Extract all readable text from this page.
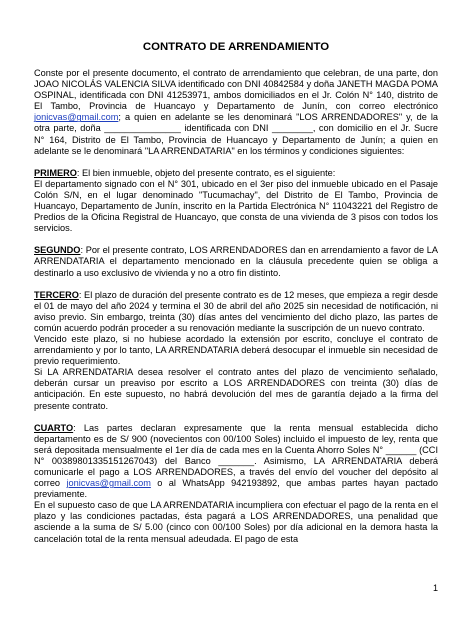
CONTRATO DE ARRENDAMIENTO

Conste por el presente documento, el contrato de arrendamiento que celebran, de una parte, don JOAO NICOLÁS VALENCIA SILVA identificado con DNI 40842584 y doña JANETH MAGDA POMA OSPINAL, identificada con DNI 41253971, ambos domiciliados en el Jr. Colón N° 140, distrito de El Tambo, Provincia de Huancayo y Departamento de Junín, con correo electrónico jonicvas@gmail.com; a quien en adelante se les denominará "LOS ARRENDADORES" y, de la otra parte, doña _______________ identificada con DNI ________, con domicilio en el Jr. Sucre N° 164, Distrito de El Tambo, Provincia de Huancayo y Departamento de Junín; a quien en adelante se le denominará "LA ARRENDATARIA" en los términos y condiciones siguientes:

PRIMERO: El bien inmueble, objeto del presente contrato, es el siguiente:

El departamento signado con el N° 301, ubicado en el 3er piso del inmueble ubicado en el Pasaje Colón S/N, en el lugar denominado "Tucumachay", del Distrito de El Tambo, Provincia de Huancayo, Departamento de Junín, inscrito en la Partida Electrónica N° 11043221 del Registro de Predios de la Oficina Registral de Huancayo, que consta de una vivienda de 3 pisos con todos los servicios.

SEGUNDO: Por el presente contrato, LOS ARRENDADORES dan en arrendamiento a favor de LA ARRENDATARIA el departamento mencionado en la cláusula precedente quien se obliga a destinarlo a uso exclusivo de vivienda y no a otro fin distinto.

TERCERO: El plazo de duración del presente contrato es de 12 meses, que empieza a regir desde el 01 de mayo del año 2024 y termina el 30 de abril del año 2025 sin necesidad de notificación, ni aviso previo. Sin embargo, treinta (30) días antes del vencimiento del dicho plazo, las partes de común acuerdo podrán proceder a su renovación mediante la suscripción de un nuevo contrato.

Vencido este plazo, si no hubiese acordado la extensión por escrito, concluye el contrato de arrendamiento y por lo tanto, LA ARRENDATARIA deberá desocupar el inmueble sin necesidad de previo requerimiento.

Si LA ARRENDATARIA desea resolver el contrato antes del plazo de vencimiento señalado, deberán cursar un preaviso por escrito a LOS ARRENDADORES con treinta (30) días de anticipación. En este supuesto, no habrá devolución del mes de garantía dejado a la firma del presente contrato.

CUARTO: Las partes declaran expresamente que la renta mensual establecida dicho departamento es de S/ 900 (novecientos con 00/100 Soles) incluido el impuesto de ley, renta que será depositada mensualmente el 1er día de cada mes en la Cuenta Ahorro Soles N° ______ (CCI N° 00389801335151267043) del Banco _______. Asimismo, LA ARRENDATARIA deberá comunicarle el pago a LOS ARRENDADORES, a través del envío del voucher del depósito al correo jonicvas@gmail.com o al WhatsApp 942193892, que ambas partes hayan pactado previamente.

En el supuesto caso de que LA ARRENDATARIA incumpliera con efectuar el pago de la renta en el plazo y las condiciones pactadas, ésta pagará a LOS ARRENDADORES, una penalidad que asciende a la suma de S/ 5.00 (cinco con 00/100 Soles) por día adicional en la demora hasta la cancelación total de la renta mensual adeudada. El pago de esta

1
